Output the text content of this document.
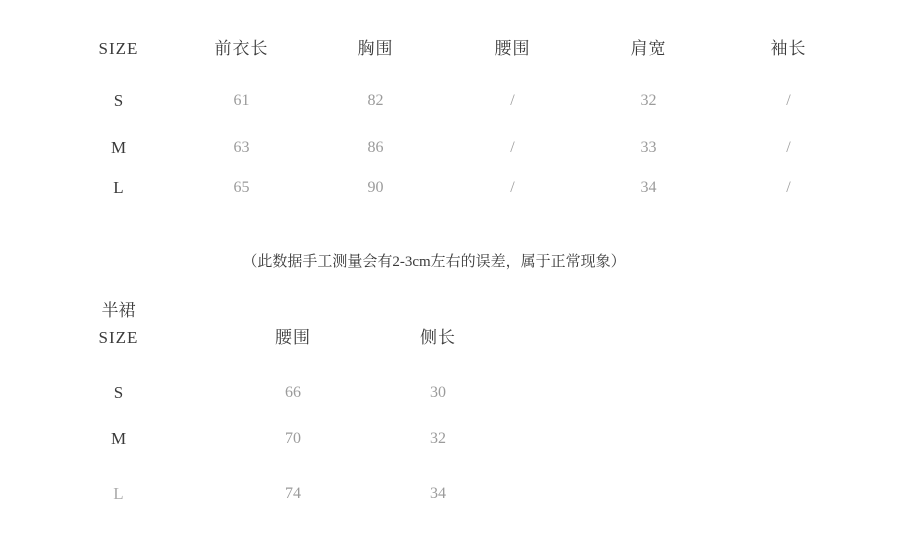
SIZE	前衣长	胸围	腰围	肩宽	袖长
S	61	82	/	32	/
M	63	86	/	33	/
L	65	90	/	34	/
（此数据手工测量会有2-3cm左右的误差，属于正常现象）
半裙
SIZE	腰围	侧长
S	66	30
M	70	32
L	74	34
